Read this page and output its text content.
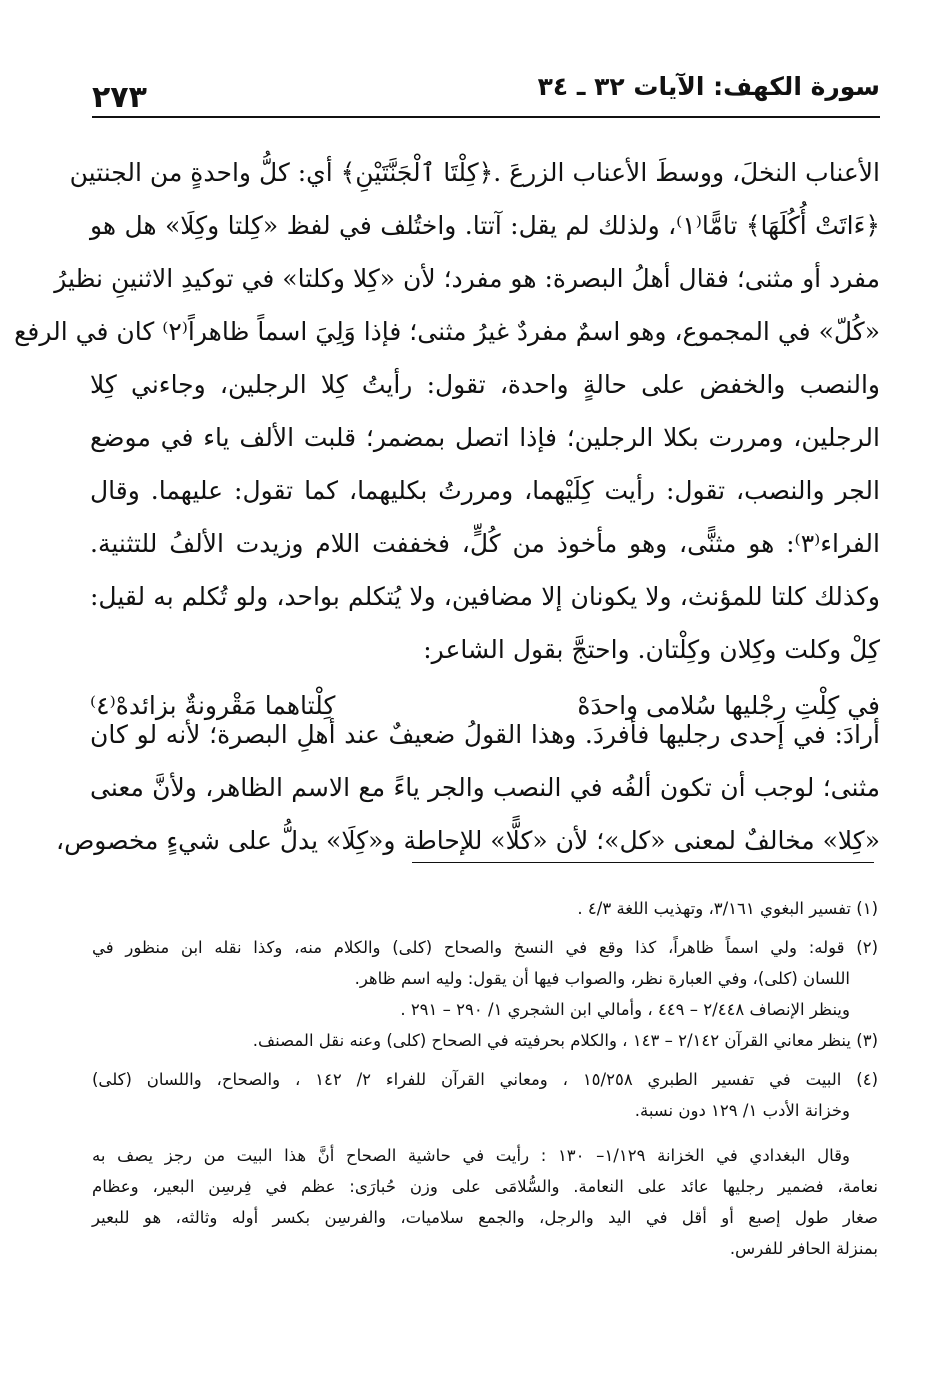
سورة الكهف: الآيات ٣٢ ـ ٣٤
٢٧٣
الأعناب النخلَ، ووسطَ الأعناب الزرعَ .﴿كِلْتَا ٱلْجَنَّتَيْنِ﴾ أي: كلُّ واحدةٍ من الجنتين
﴿ءَاتَتْ أُكُلَهَا﴾ تامًّا⁽١⁾، ولذلك لم يقل: آتتا. واختُلف في لفظ «كِلتا وكِلَا» هل هو
مفرد أو مثنى؛ فقال أهلُ البصرة: هو مفرد؛ لأن «كِلا وكلتا» في توكيدِ الاثنينِ نظيرُ
«كُلّ» في المجموع، وهو اسمٌ مفردٌ غيرُ مثنى؛ فإذا وَلِيَ اسماً ظاهراً⁽٢⁾ كان في الرفع
والنصب والخفض على حالةٍ واحدة، تقول: رأيتُ كِلا الرجلين، وجاءني كِلا
الرجلين، ومررت بكلا الرجلين؛ فإذا اتصل بمضمر؛ قلبت الألف ياء في موضع
الجر والنصب، تقول: رأيت كِلَيْهما، ومررتُ بكليهما، كما تقول: عليهما. وقال
الفراء⁽٣⁾: هو مثنًّى، وهو مأخوذ من كُلٍّ، فخففت اللام وزيدت الألفُ للتثنية.
وكذلك كلتا للمؤنث، ولا يكونان إلا مضافين، ولا يُتكلم بواحد، ولو تُكلم به لقيل:
كِلْ وكلت وكِلان وكِلْتان. واحتجَّ بقول الشاعر:
في كِلْتِ رِجْليها سُلامى واحدَهْ
كِلْتاهما مَقْرونةٌ بزائدهْ⁽٤⁾
أرادَ: في إحدى رجليها فأفردَ. وهذا القولُ ضعيفٌ عند أهلِ البصرة؛ لأنه لو كان
مثنى؛ لوجب أن تكون ألفُه في النصب والجر ياءً مع الاسم الظاهر، ولأنَّ معنى
«كِلا» مخالفٌ لمعنى «كل»؛ لأن «كلًّا» للإحاطة و«كِلَا» يدلُّ على شيءٍ مخصوص،
(١) تفسير البغوي ٣/١٦١، وتهذيب اللغة ٤/٣ .
(٢) قوله: ولي اسماً ظاهراً، كذا وقع في النسخ والصحاح (كلى) والكلام منه، وكذا نقله ابن منظور في
اللسان (كلى)، وفي العبارة نظر، والصواب فيها أن يقول: وليه اسم ظاهر.
وينظر الإنصاف ٢/٤٤٨ – ٤٤٩ ، وأمالي ابن الشجري ١/ ٢٩٠ – ٢٩١ .
(٣) ينظر معاني القرآن ٢/١٤٢ – ١٤٣ ، والكلام بحرفيته في الصحاح (كلى) وعنه نقل المصنف.
(٤) البيت في تفسير الطبري ١٥/٢٥٨ ، ومعاني القرآن للفراء ٢/ ١٤٢ ، والصحاح، واللسان (كلى)
وخزانة الأدب ١/ ١٢٩ دون نسبة.
وقال البغدادي في الخزانة ١/١٢٩– ١٣٠ : رأيت في حاشية الصحاح أنَّ هذا البيت من رجز يصف به
نعامة، فضمير رجليها عائد على النعامة. والسُّلامَى على وزن حُبارَى: عظم في فِرسِن البعير، وعظام
صغار طول إصبع أو أقل في اليد والرجل، والجمع سلاميات، والفرسِن بكسر أوله وثالثه، هو للبعير
بمنزلة الحافر للفرس.
